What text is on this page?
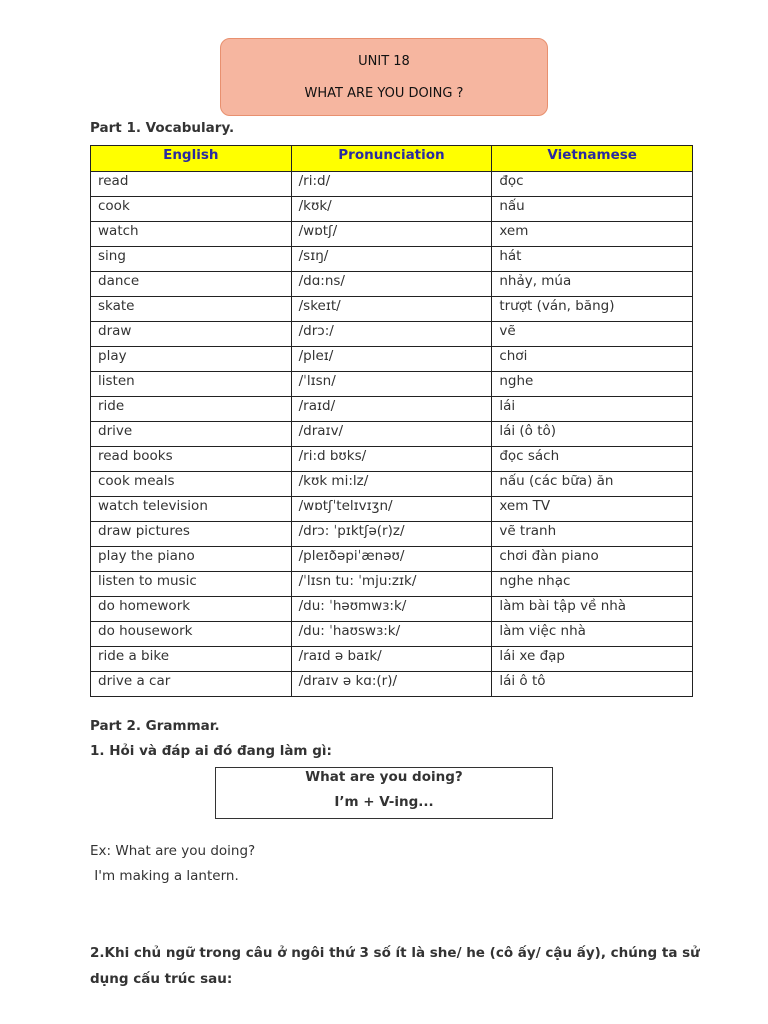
UNIT 18
WHAT ARE YOU DOING ?
Part 1. Vocabulary.
English	Pronunciation	Vietnamese
read	/ri:d/	đọc
cook	/kʊk/	nấu
watch	/wɒtʃ/	xem
sing	/sɪŋ/	hát
dance	/dɑ:ns/	nhảy, múa
skate	/skeɪt/	trượt (ván, băng)
draw	/drɔ:/	vẽ
play	/pleɪ/	chơi
listen	/ˈlɪsn/	nghe
ride	/raɪd/	lái
drive	/draɪv/	lái (ô tô)
read books	/ri:d bʊks/	đọc sách
cook meals	/kʊk mi:lz/	nấu (các bữa) ăn
watch television	/wɒtʃˈtelɪvɪʒn/	xem TV
draw pictures	/drɔ: ˈpɪktʃə(r)z/	vẽ tranh
play the piano	/pleɪðəpiˈænəʊ/	chơi đàn piano
listen to music	/ˈlɪsn tu: ˈmju:zɪk/	nghe nhạc
do homework	/du: ˈhəʊmwɜ:k/	làm bài tập về nhà
do housework	/du: ˈhaʊswɜ:k/	làm việc nhà
ride a bike	/raɪd ə baɪk/	lái xe đạp
drive a car	/draɪv ə kɑ:(r)/	lái ô tô
Part 2. Grammar.
1. Hỏi và đáp ai đó đang làm gì:
What are you doing?
I’m + V-ing...
Ex: What are you doing?
I'm making a lantern.
2.Khi chủ ngữ trong câu ở ngôi thứ 3 số ít là she/ he (cô ấy/ cậu ấy), chúng ta sử dụng cấu trúc sau:
